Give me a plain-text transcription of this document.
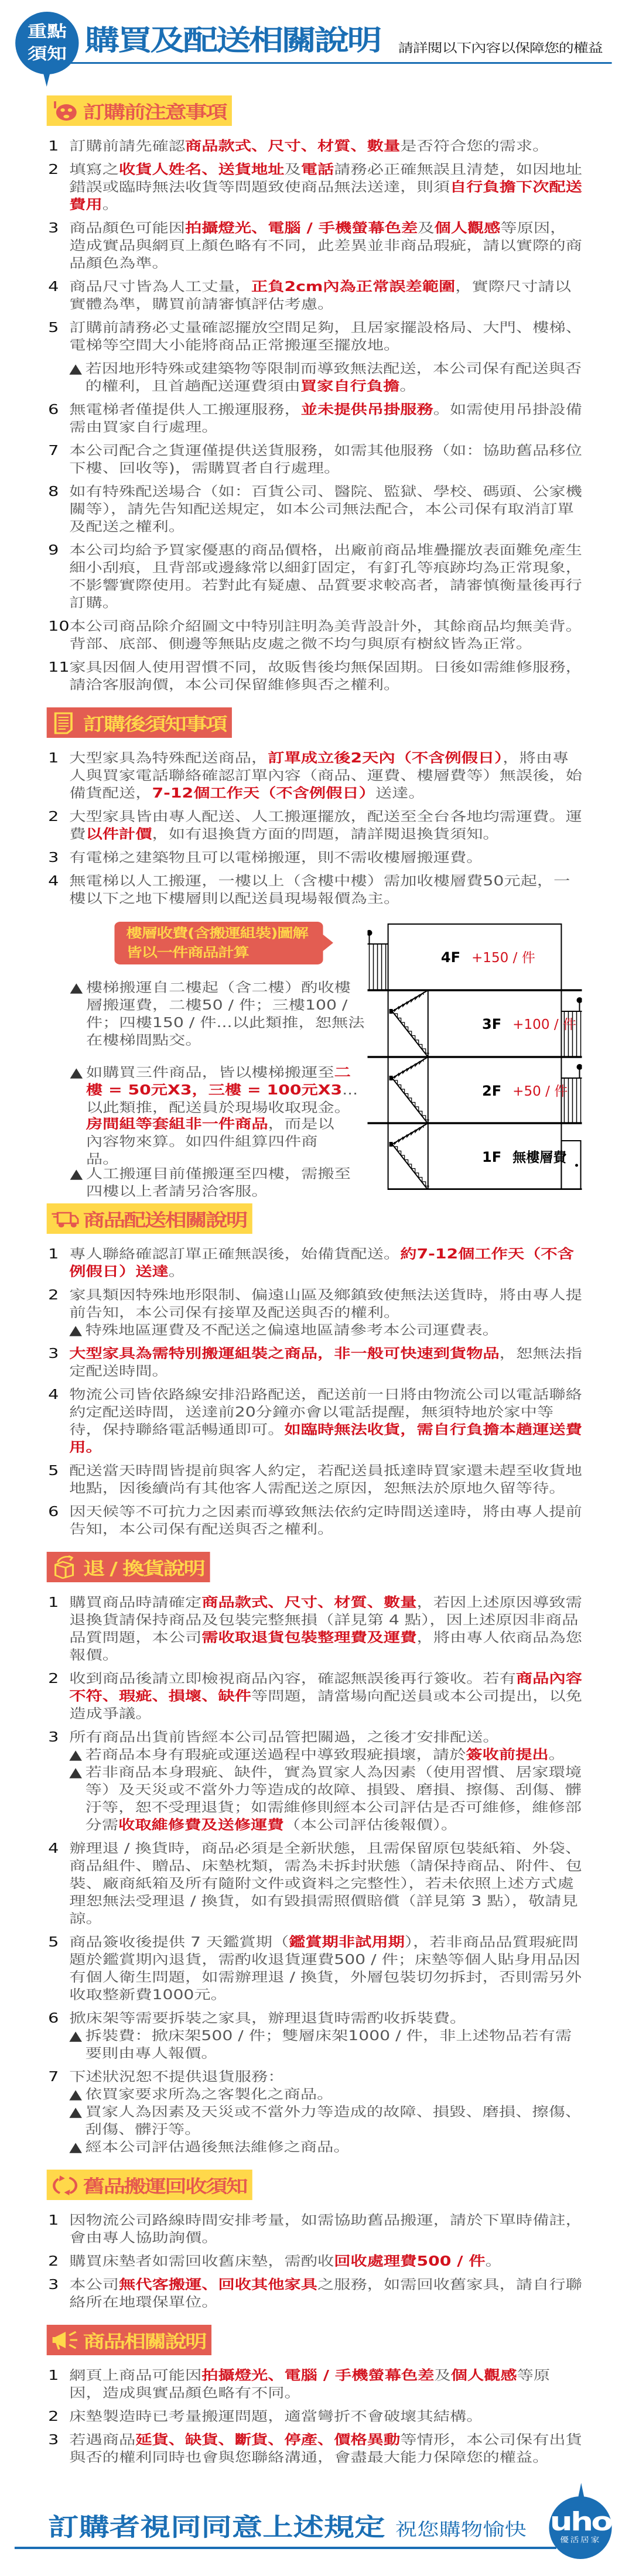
重點
須知 購買及配送相關說明 請詳閱以下內容以保障您的權益
訂購前注意事項
1 訂購前請先確認商品款式、尺寸、材質、數量是否符合您的需求。
2 填寫之收貨人姓名、送貨地址及電話請務必正確無誤且清楚，如因地址錯誤或臨時無法收貨等問題致使商品無法送達，則須自行負擔下次配送費用。
3 商品顏色可能因拍攝燈光、電腦 / 手機螢幕色差及個人觀感等原因，造成實品與網頁上顏色略有不同，此差異並非商品瑕疵，請以實際的商品顏色為準。
4 商品尺寸皆為人工丈量，正負2cm內為正常誤差範圍，實際尺寸請以實體為準，購買前請審慎評估考慮。
5 訂購前請務必丈量確認擺放空間足夠，且居家擺設格局、大門、樓梯、電梯等空間大小能將商品正常搬運至擺放地。
▲ 若因地形特殊或建築物等限制而導致無法配送，本公司保有配送與否的權利，且首趟配送運費須由買家自行負擔。
6 無電梯者僅提供人工搬運服務，並未提供吊掛服務。如需使用吊掛設備需由買家自行處理。
7 本公司配合之貨運僅提供送貨服務，如需其他服務（如：協助舊品移位下樓、回收等)，需購買者自行處理。
8 如有特殊配送場合（如：百貨公司、醫院、監獄、學校、碼頭、公家機關等），請先告知配送規定，如本公司無法配合，本公司保有取消訂單及配送之權利。
9 本公司均給予買家優惠的商品價格，出廠前商品堆疊擺放表面難免產生細小刮痕，且背部或邊緣常以細釘固定，有釘孔等痕跡均為正常現象，不影響實際使用。若對此有疑慮、品質要求較高者，請審慎衡量後再行訂購。
10 本公司商品除介紹圖文中特別註明為美背設計外，其餘商品均無美背。背部、底部、側邊等無貼皮處之微不均勻與原有樹紋皆為正常。
11 家具因個人使用習慣不同，故販售後均無保固期。日後如需維修服務，請洽客服詢價，本公司保留維修與否之權利。
訂購後須知事項
1 大型家具為特殊配送商品，訂單成立後2天內（不含例假日），將由專人與買家電話聯絡確認訂單內容（商品、運費、樓層費等）無誤後，始備貨配送，7-12個工作天（不含例假日）送達。
2 大型家具皆由專人配送、人工搬運擺放，配送至全台各地均需運費。運費以件計價，如有退換貨方面的問題，請詳閱退換貨須知。
3 有電梯之建築物且可以電梯搬運，則不需收樓層搬運費。
4 無電梯以人工搬運，一樓以上（含樓中樓）需加收樓層費50元起，一樓以下之地下樓層則以配送員現場報價為主。
樓層收費(含搬運組裝)圖解
皆以一件商品計算
▲ 樓梯搬運自二樓起（含二樓）酌收樓層搬運費，二樓50 / 件；三樓100 / 件；四樓150 / 件...以此類推，恕無法在樓梯間點交。
▲ 如購買三件商品，皆以樓梯搬運至二樓 = 50元X3，三樓 = 100元X3...以此類推，配送員於現場收取現金。
房間組等套組非一件商品，而是以內容物來算。如四件組算四件商品。
▲ 人工搬運目前僅搬運至四樓，需搬至四樓以上者請另洽客服。
4F +150 / 件
3F +100 / 件
2F +50 / 件
1F 無樓層費
商品配送相關說明
1 專人聯絡確認訂單正確無誤後，始備貨配送。約7-12個工作天（不含例假日）送達。
2 家具類因特殊地形限制、偏遠山區及鄉鎮致使無法送貨時，將由專人提前告知，本公司保有接單及配送與否的權利。
▲ 特殊地區運費及不配送之偏遠地區請參考本公司運費表。
3 大型家具為需特別搬運組裝之商品，非一般可快速到貨物品，恕無法指定配送時間。
4 物流公司皆依路線安排沿路配送，配送前一日將由物流公司以電話聯絡約定配送時間，送達前20分鐘亦會以電話提醒，無須特地於家中等待，保持聯絡電話暢通即可。如臨時無法收貨，需自行負擔本趟運送費用。
5 配送當天時間皆提前與客人約定，若配送員抵達時買家還未趕至收貨地地點，因後續尚有其他客人需配送之原因，恕無法於原地久留等待。
6 因天候等不可抗力之因素而導致無法依約定時間送達時，將由專人提前告知，本公司保有配送與否之權利。
退 / 換貨說明
1 購買商品時請確定商品款式、尺寸、材質、數量，若因上述原因導致需退換貨請保持商品及包裝完整無損（詳見第 4 點），因上述原因非商品品質問題，本公司需收取退貨包裝整理費及運費，將由專人依商品為您報價。
2 收到商品後請立即檢視商品內容，確認無誤後再行簽收。若有商品內容不符、瑕疵、損壞、缺件等問題，請當場向配送員或本公司提出，以免造成爭議。
3 所有商品出貨前皆經本公司品管把關過，之後才安排配送。
▲ 若商品本身有瑕疵或運送過程中導致瑕疵損壞，請於簽收前提出。
▲ 若非商品本身瑕疵、缺件，實為買家人為因素（使用習慣、居家環境等）及天災或不當外力等造成的故障、損毀、磨損、擦傷、刮傷、髒汙等，恕不受理退貨；如需維修則經本公司評估是否可維修，維修部分需收取維修費及送修運費（本公司評估後報價）。
4 辦理退 / 換貨時，商品必須是全新狀態，且需保留原包裝紙箱、外袋、商品組件、贈品、床墊枕類，需為未拆封狀態（請保持商品、附件、包裝、廠商紙箱及所有隨附文件或資料之完整性），若未依照上述方式處理恕無法受理退 / 換貨，如有毀損需照價賠償（詳見第 3 點），敬請見諒。
5 商品簽收後提供 7 天鑑賞期（鑑賞期非試用期），若非商品品質瑕疵問題於鑑賞期內退貨，需酌收退貨運費500 / 件；床墊等個人貼身用品因有個人衛生問題，如需辦理退 / 換貨，外層包裝切勿拆封，否則需另外收取整新費1000元。
6 掀床架等需要拆裝之家具，辦理退貨時需酌收拆裝費。
▲ 拆裝費：掀床架500 / 件；雙層床架1000 / 件，非上述物品若有需要則由專人報價。
7 下述狀況恕不提供退貨服務：
▲ 依買家要求所為之客製化之商品。
▲ 買家人為因素及天災或不當外力等造成的故障、損毀、磨損、擦傷、刮傷、髒汙等。
▲ 經本公司評估過後無法維修之商品。
舊品搬運回收須知
1 因物流公司路線時間安排考量，如需協助舊品搬運，請於下單時備註，會由專人協助詢價。
2 購買床墊者如需回收舊床墊，需酌收回收處理費500 / 件。
3 本公司無代客搬運、回收其他家具之服務，如需回收舊家具，請自行聯絡所在地環保單位。
商品相關說明
1 網頁上商品可能因拍攝燈光、電腦 / 手機螢幕色差及個人觀感等原因，造成與實品顏色略有不同。
2 床墊製造時已考量搬運問題，適當彎折不會破壞其結構。
3 若遇商品延貨、缺貨、斷貨、停產、價格異動等情形，本公司保有出貨與否的權利同時也會與您聯絡溝通，會盡最大能力保障您的權益。
訂購者視同同意上述規定 祝您購物愉快 uho
優活居家
